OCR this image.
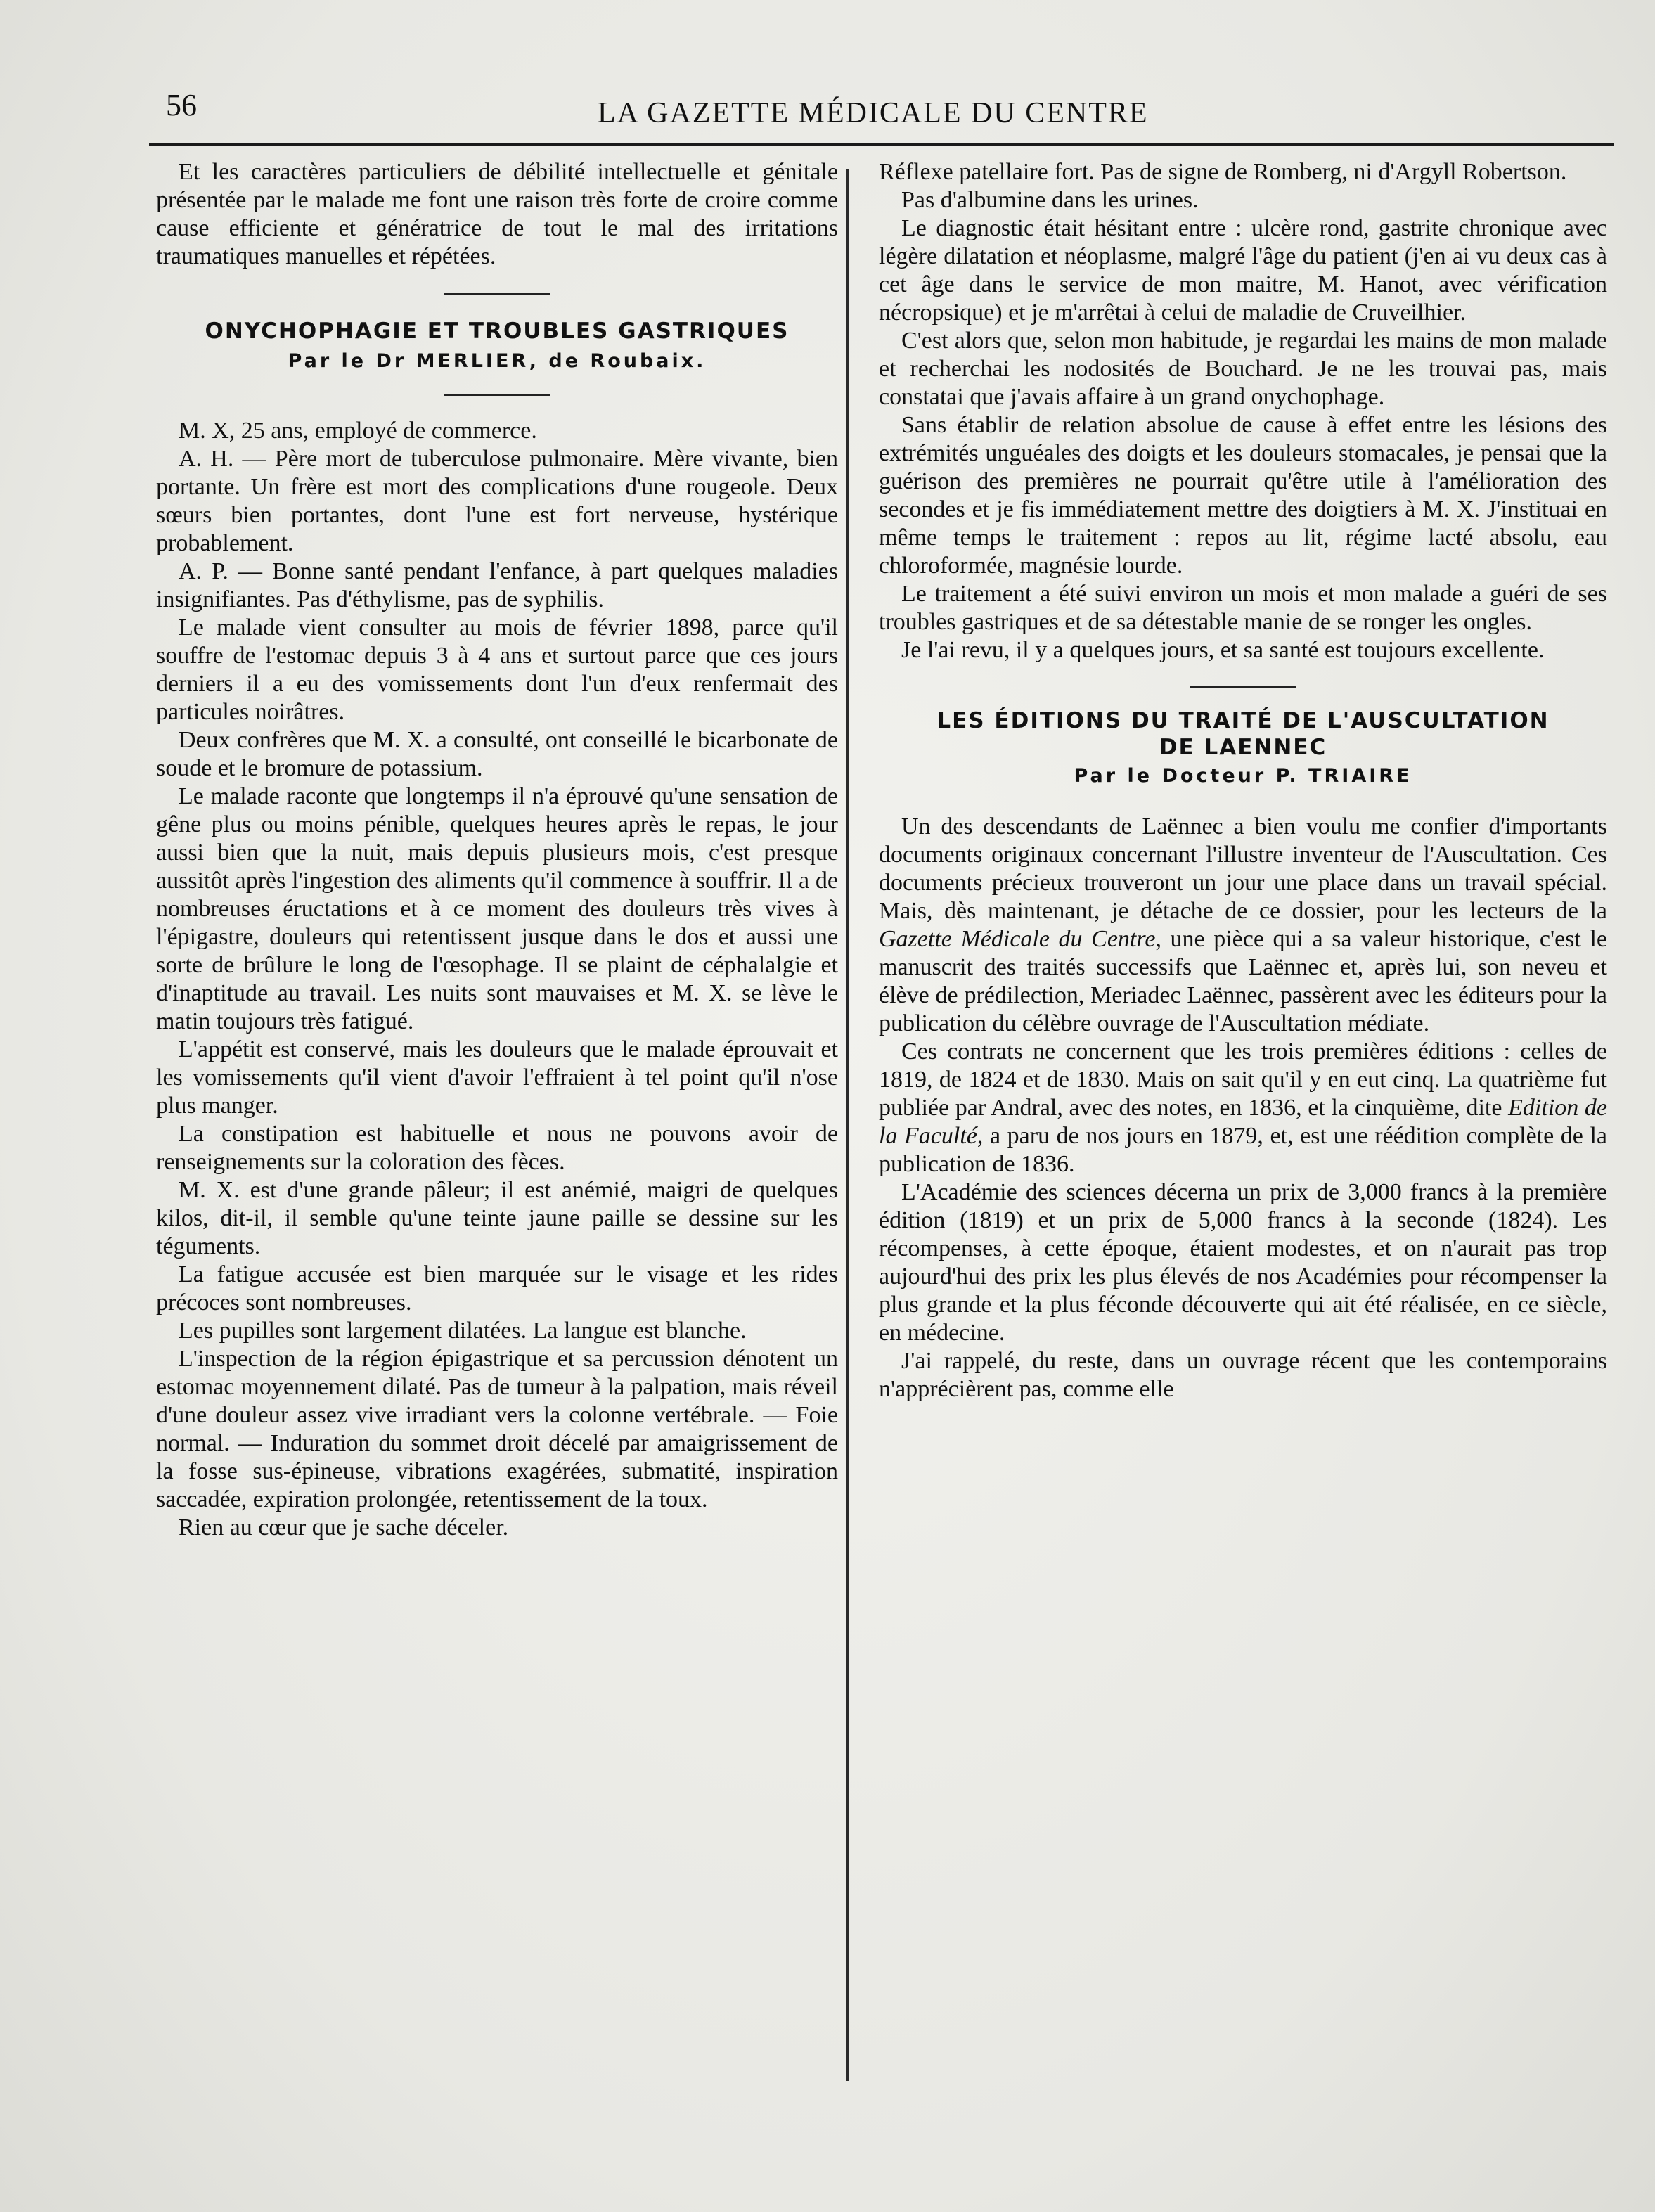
56	LA GAZETTE MÉDICALE DU CENTRE

Et les caractères particuliers de débilité intellectuelle et génitale présentée par le malade me font une raison très forte de croire comme cause efficiente et génératrice de tout le mal des irritations traumatiques manuelles et répétées.

ONYCHOPHAGIE ET TROUBLES GASTRIQUES
Par le Dr MERLIER, de Roubaix.

M. X, 25 ans, employé de commerce.

A. H. — Père mort de tuberculose pulmonaire. Mère vivante, bien portante. Un frère est mort des complications d'une rougeole. Deux sœurs bien portantes, dont l'une est fort nerveuse, hystérique probablement.

A. P. — Bonne santé pendant l'enfance, à part quelques maladies insignifiantes. Pas d'éthylisme, pas de syphilis.

Le malade vient consulter au mois de février 1898, parce qu'il souffre de l'estomac depuis 3 à 4 ans et surtout parce que ces jours derniers il a eu des vomissements dont l'un d'eux renfermait des particules noirâtres.

Deux confrères que M. X. a consulté, ont conseillé le bicarbonate de soude et le bromure de potassium.

Le malade raconte que longtemps il n'a éprouvé qu'une sensation de gêne plus ou moins pénible, quelques heures après le repas, le jour aussi bien que la nuit, mais depuis plusieurs mois, c'est presque aussitôt après l'ingestion des aliments qu'il commence à souffrir. Il a de nombreuses éructations et à ce moment des douleurs très vives à l'épigastre, douleurs qui retentissent jusque dans le dos et aussi une sorte de brûlure le long de l'œsophage. Il se plaint de céphalalgie et d'inaptitude au travail. Les nuits sont mauvaises et M. X. se lève le matin toujours très fatigué.

L'appétit est conservé, mais les douleurs que le malade éprouvait et les vomissements qu'il vient d'avoir l'effraient à tel point qu'il n'ose plus manger.

La constipation est habituelle et nous ne pouvons avoir de renseignements sur la coloration des fèces.

M. X. est d'une grande pâleur; il est anémié, maigri de quelques kilos, dit-il, il semble qu'une teinte jaune paille se dessine sur les téguments.

La fatigue accusée est bien marquée sur le visage et les rides précoces sont nombreuses.

Les pupilles sont largement dilatées. La langue est blanche.

L'inspection de la région épigastrique et sa percussion dénotent un estomac moyennement dilaté. Pas de tumeur à la palpation, mais réveil d'une douleur assez vive irradiant vers la colonne vertébrale. — Foie normal. — Induration du sommet droit décelé par amaigrissement de la fosse sus-épineuse, vibrations exagérées, submatité, inspiration saccadée, expiration prolongée, retentissement de la toux.

Rien au cœur que je sache déceler.

Réflexe patellaire fort. Pas de signe de Romberg, ni d'Argyll Robertson.

Pas d'albumine dans les urines.

Le diagnostic était hésitant entre : ulcère rond, gastrite chronique avec légère dilatation et néoplasme, malgré l'âge du patient (j'en ai vu deux cas à cet âge dans le service de mon maitre, M. Hanot, avec vérification nécropsique) et je m'arrêtai à celui de maladie de Cruveilhier.

C'est alors que, selon mon habitude, je regardai les mains de mon malade et recherchai les nodosités de Bouchard. Je ne les trouvai pas, mais constatai que j'avais affaire à un grand onychophage.

Sans établir de relation absolue de cause à effet entre les lésions des extrémités unguéales des doigts et les douleurs stomacales, je pensai que la guérison des premières ne pourrait qu'être utile à l'amélioration des secondes et je fis immédiatement mettre des doigtiers à M. X. J'instituai en même temps le traitement : repos au lit, régime lacté absolu, eau chloroformée, magnésie lourde.

Le traitement a été suivi environ un mois et mon malade a guéri de ses troubles gastriques et de sa détestable manie de se ronger les ongles.

Je l'ai revu, il y a quelques jours, et sa santé est toujours excellente.

LES ÉDITIONS DU TRAITÉ DE L'AUSCULTATION
DE LAENNEC
Par le Docteur P. TRIAIRE

Un des descendants de Laënnec a bien voulu me confier d'importants documents originaux concernant l'illustre inventeur de l'Auscultation. Ces documents précieux trouveront un jour une place dans un travail spécial. Mais, dès maintenant, je détache de ce dossier, pour les lecteurs de la Gazette Médicale du Centre, une pièce qui a sa valeur historique, c'est le manuscrit des traités successifs que Laënnec et, après lui, son neveu et élève de prédilection, Meriadec Laënnec, passèrent avec les éditeurs pour la publication du célèbre ouvrage de l'Auscultation médiate.

Ces contrats ne concernent que les trois premières éditions : celles de 1819, de 1824 et de 1830. Mais on sait qu'il y en eut cinq. La quatrième fut publiée par Andral, avec des notes, en 1836, et la cinquième, dite Edition de la Faculté, a paru de nos jours en 1879, et, est une réédition complète de la publication de 1836.

L'Académie des sciences décerna un prix de 3,000 francs à la première édition (1819) et un prix de 5,000 francs à la seconde (1824). Les récompenses, à cette époque, étaient modestes, et on n'aurait pas trop aujourd'hui des prix les plus élevés de nos Académies pour récompenser la plus grande et la plus féconde découverte qui ait été réalisée, en ce siècle, en médecine.

J'ai rappelé, du reste, dans un ouvrage récent que les contemporains n'apprécièrent pas, comme elle
